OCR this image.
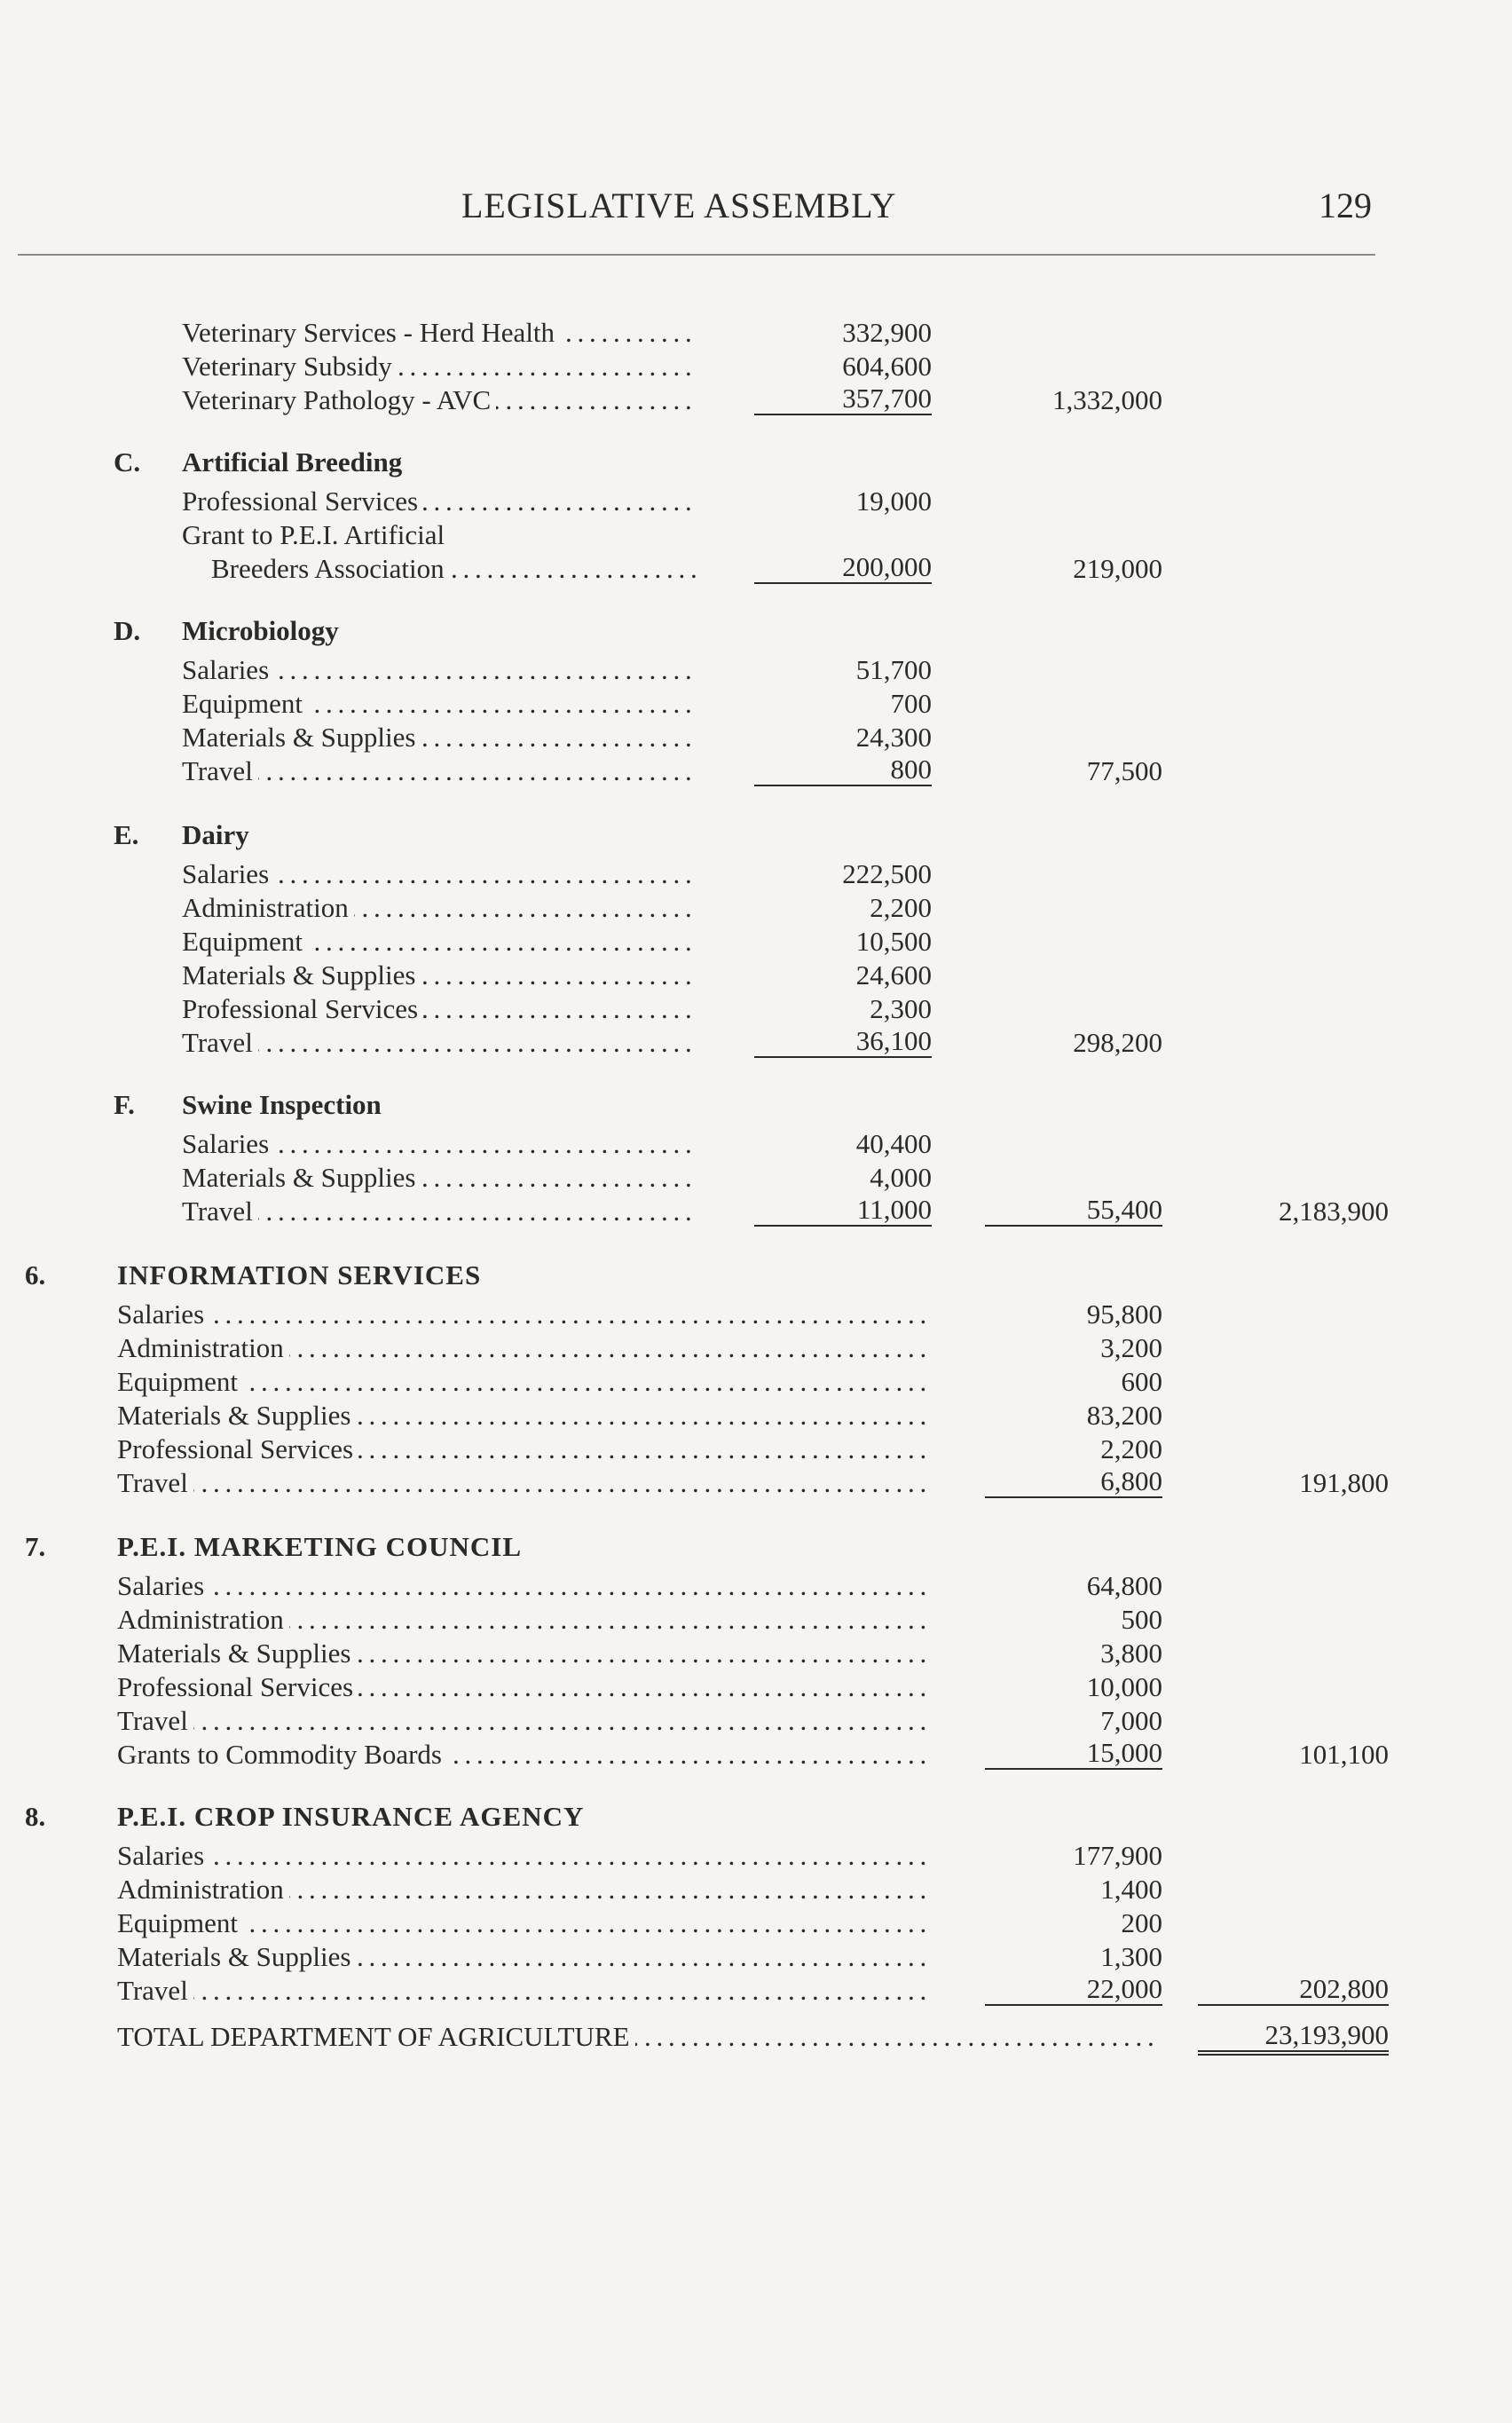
LEGISLATIVE ASSEMBLY	129
Veterinary Services - Herd Health . . .	332,900
Veterinary Subsidy . . .	604,600
Veterinary Pathology - AVC . . .	357,700	1,332,000
C. Artificial Breeding
Professional Services . . .	19,000
Grant to P.E.I. Artificial
Breeders Association . . .	200,000	219,000
D. Microbiology
Salaries . . .	51,700
Equipment . . .	700
Materials & Supplies . . .	24,300
Travel . . .	800	77,500
E. Dairy
Salaries . . .	222,500
Administration . . .	2,200
Equipment . . .	10,500
Materials & Supplies . . .	24,600
Professional Services . . .	2,300
Travel . . .	36,100	298,200
F. Swine Inspection
Salaries . . .	40,400
Materials & Supplies . . .	4,000
Travel . . .	11,000	55,400	2,183,900
6.	INFORMATION SERVICES
Salaries . . .	95,800
Administration . . .	3,200
Equipment . . .	600
Materials & Supplies . . .	83,200
Professional Services . . .	2,200
Travel . . .	6,800	191,800
7.	P.E.I. MARKETING COUNCIL
Salaries . . .	64,800
Administration . . .	500
Materials & Supplies . . .	3,800
Professional Services . . .	10,000
Travel . . .	7,000
Grants to Commodity Boards . . .	15,000	101,100
8.	P.E.I. CROP INSURANCE AGENCY
Salaries . . .	177,900
Administration . . .	1,400
Equipment . . .	200
Materials & Supplies . . .	1,300
Travel . . .	22,000	202,800
TOTAL DEPARTMENT OF AGRICULTURE . . .	23,193,900
